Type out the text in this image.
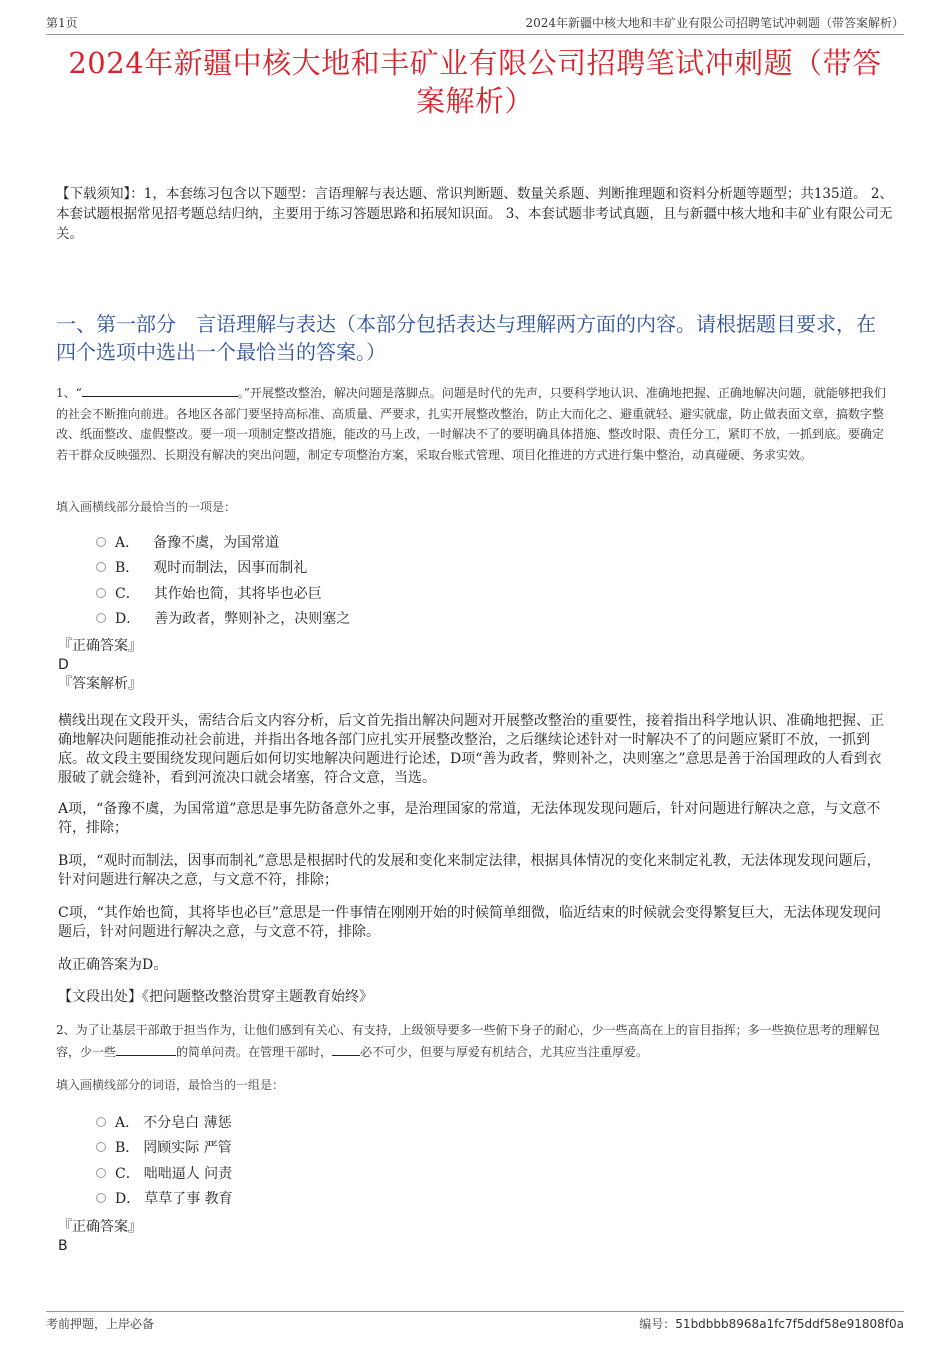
第1页	2024年新疆中核大地和丰矿业有限公司招聘笔试冲刺题（带答案解析）
2024年新疆中核大地和丰矿业有限公司招聘笔试冲刺题（带答
案解析）
【下载须知】：1，本套练习包含以下题型：言语理解与表达题、常识判断题、数量关系题、判断推理题和资料分析题等题型；共135道。 2、本套试题根据常见招考题总结归纳，主要用于练习答题思路和拓展知识面。 3、本套试题非考试真题，且与新疆中核大地和丰矿业有限公司无关。
一、第一部分　言语理解与表达（本部分包括表达与理解两方面的内容。请根据题目要求，在四个选项中选出一个最恰当的答案。）
1、“	。”开展整改整治，解决问题是落脚点。问题是时代的先声，只要科学地认识、准确地把握、正确地解决问题，就能够把我们的社会不断推向前进。各地区各部门要坚持高标准、高质量、严要求，扎实开展整改整治，防止大而化之、避重就轻、避实就虚，防止做表面文章，搞数字整改、纸面整改、虚假整改。要一项一项制定整改措施，能改的马上改，一时解决不了的要明确具体措施、整改时限、责任分工，紧盯不放，一抓到底。要确定若干群众反映强烈、长期没有解决的突出问题，制定专项整治方案，采取台账式管理、项目化推进的方式进行集中整治，动真碰硬、务求实效。
填入画横线部分最恰当的一项是：
A． 备豫不虞，为国常道
B． 观时而制法，因事而制礼
C． 其作始也简，其将毕也必巨
D． 善为政者，弊则补之，决则塞之
『正确答案』
D
『答案解析』
横线出现在文段开头，需结合后文内容分析，后文首先指出解决问题对开展整改整治的重要性，接着指出科学地认识、准确地把握、正确地解决问题能推动社会前进，并指出各地各部门应扎实开展整改整治，之后继续论述针对一时解决不了的问题应紧盯不放，一抓到底。故文段主要围绕发现问题后如何切实地解决问题进行论述，D项“善为政者，弊则补之，决则塞之”意思是善于治国理政的人看到衣服破了就会缝补，看到河流决口就会堵塞，符合文意，当选。
A项，“备豫不虞，为国常道”意思是事先防备意外之事，是治理国家的常道，无法体现发现问题后，针对问题进行解决之意，与文意不符，排除；
B项，“观时而制法，因事而制礼”意思是根据时代的发展和变化来制定法律，根据具体情况的变化来制定礼教，无法体现发现问题后，针对问题进行解决之意，与文意不符，排除；
C项，“其作始也简，其将毕也必巨”意思是一件事情在刚刚开始的时候简单细微，临近结束的时候就会变得繁复巨大，无法体现发现问题后，针对问题进行解决之意，与文意不符，排除。
故正确答案为D。
【文段出处】《把问题整改整治贯穿主题教育始终》
2、为了让基层干部敢于担当作为，让他们感到有关心、有支持，上级领导要多一些俯下身子的耐心，少一些高高在上的盲目指挥；多一些换位思考的理解包容，少一些	的简单问责。在管理干部时， 必不可少，但要与厚爱有机结合，尤其应当注重厚爱。
填入画横线部分的词语，最恰当的一组是：
A． 不分皂白 薄惩
B． 罔顾实际 严管
C． 咄咄逼人 问责
D． 草草了事 教育
『正确答案』
B
考前押题，上岸必备	编号：51bdbbb8968a1fc7f5ddf58e91808f0a
